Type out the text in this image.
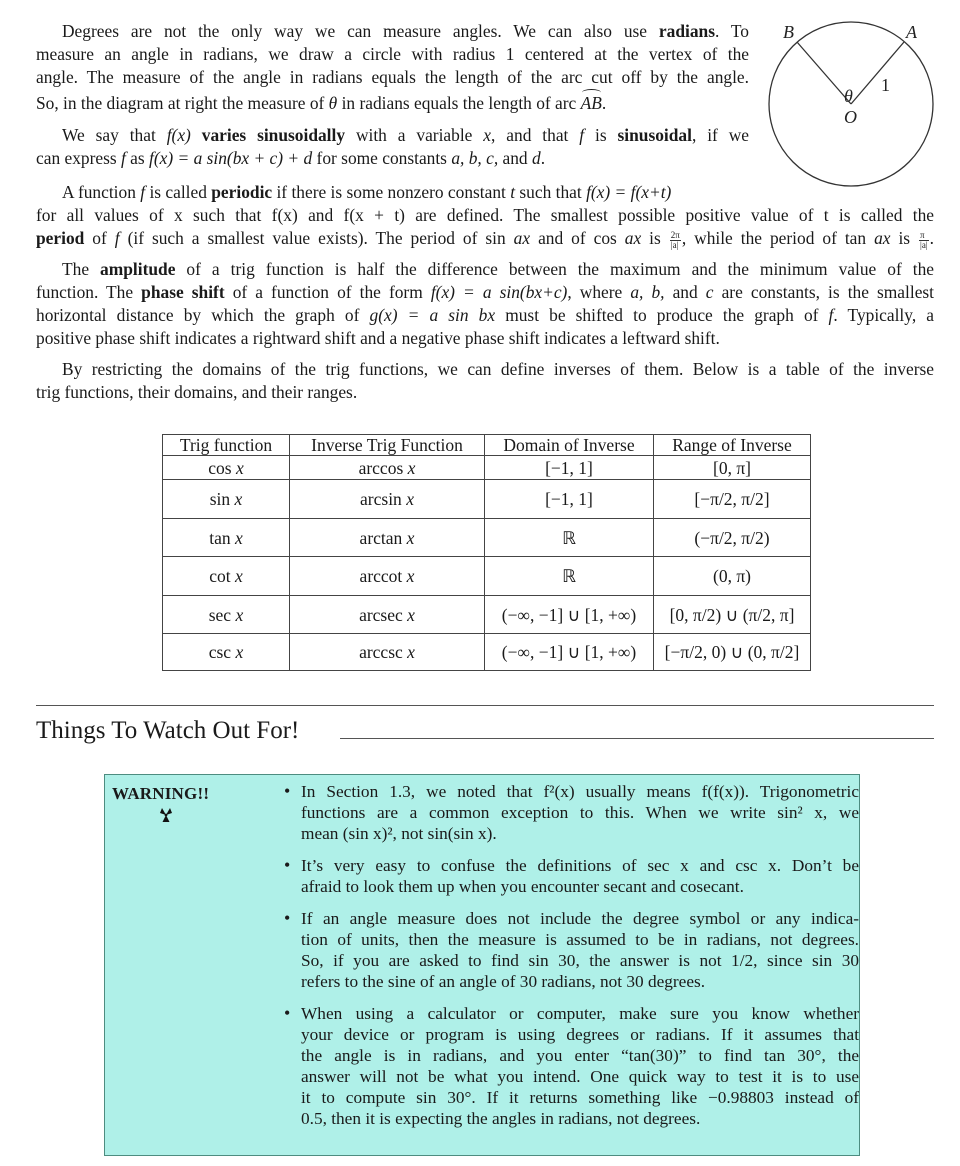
Degrees are not the only way we can measure angles. We can also use radians. To
measure an angle in radians, we draw a circle with radius 1 centered at the vertex of the
angle. The measure of the angle in radians equals the length of the arc cut off by the angle.
So, in the diagram at right the measure of θ in radians equals the length of arc AB.
We say that f(x) varies sinusoidally with a variable x, and that f is sinusoidal, if we
can express f as f(x) = a sin(bx + c) + d for some constants a, b, c, and d.
A function f is called periodic if there is some nonzero constant t such that f(x) = f(x+t)
for all values of x such that f(x) and f(x + t) are defined. The smallest possible positive value of t is called the
period of f (if such a smallest value exists). The period of sin ax and of cos ax is $\frac{2\pi}{|a|}$ , while the period of tan ax is $\frac{\pi}{|a|}$ .
The amplitude of a trig function is half the difference between the maximum and the minimum value of the
function. The phase shift of a function of the form f(x) = a sin(bx+c), where a, b, and c are constants, is the smallest
horizontal distance by which the graph of g(x) = a sin bx must be shifted to produce the graph of f. Typically, a
positive phase shift indicates a rightward shift and a negative phase shift indicates a leftward shift.
By restricting the domains of the trig functions, we can define inverses of them. Below is a table of the inverse
trig functions, their domains, and their ranges.
B	A
θ
1
O
Trig function	Inverse Trig Function	Domain of Inverse	Range of Inverse
cos x	arccos x	[−1, 1]	[0, π]
sin x	arcsin x	[−1, 1]	[−π/2, π/2]
tan x	arctan x	ℝ	(−π/2, π/2)
cot x	arccot x	ℝ	(0, π)
sec x	arcsec x	(−∞, −1] ∪ [1, +∞)	[0, π/2) ∪ (π/2, π]
csc x	arccsc x	(−∞, −1] ∪ [1, +∞)	[−π/2, 0) ∪ (0, π/2]
Things To Watch Out For!
WARNING!!	• In Section 1.3, we noted that f²(x) usually means f(f(x)). Trigonometric
functions are a common exception to this. When we write sin² x, we
mean (sin x)², not sin(sin x).
• It’s very easy to confuse the definitions of sec x and csc x. Don’t be
afraid to look them up when you encounter secant and cosecant.
• If an angle measure does not include the degree symbol or any indica-
tion of units, then the measure is assumed to be in radians, not degrees.
So, if you are asked to find sin 30, the answer is not 1/2, since sin 30
refers to the sine of an angle of 30 radians, not 30 degrees.
• When using a calculator or computer, make sure you know whether
your device or program is using degrees or radians. If it assumes that
the angle is in radians, and you enter “tan(30)” to find tan 30°, the
answer will not be what you intend. One quick way to test it is to use
it to compute sin 30°. If it returns something like −0.98803 instead of
0.5, then it is expecting the angles in radians, not degrees.
